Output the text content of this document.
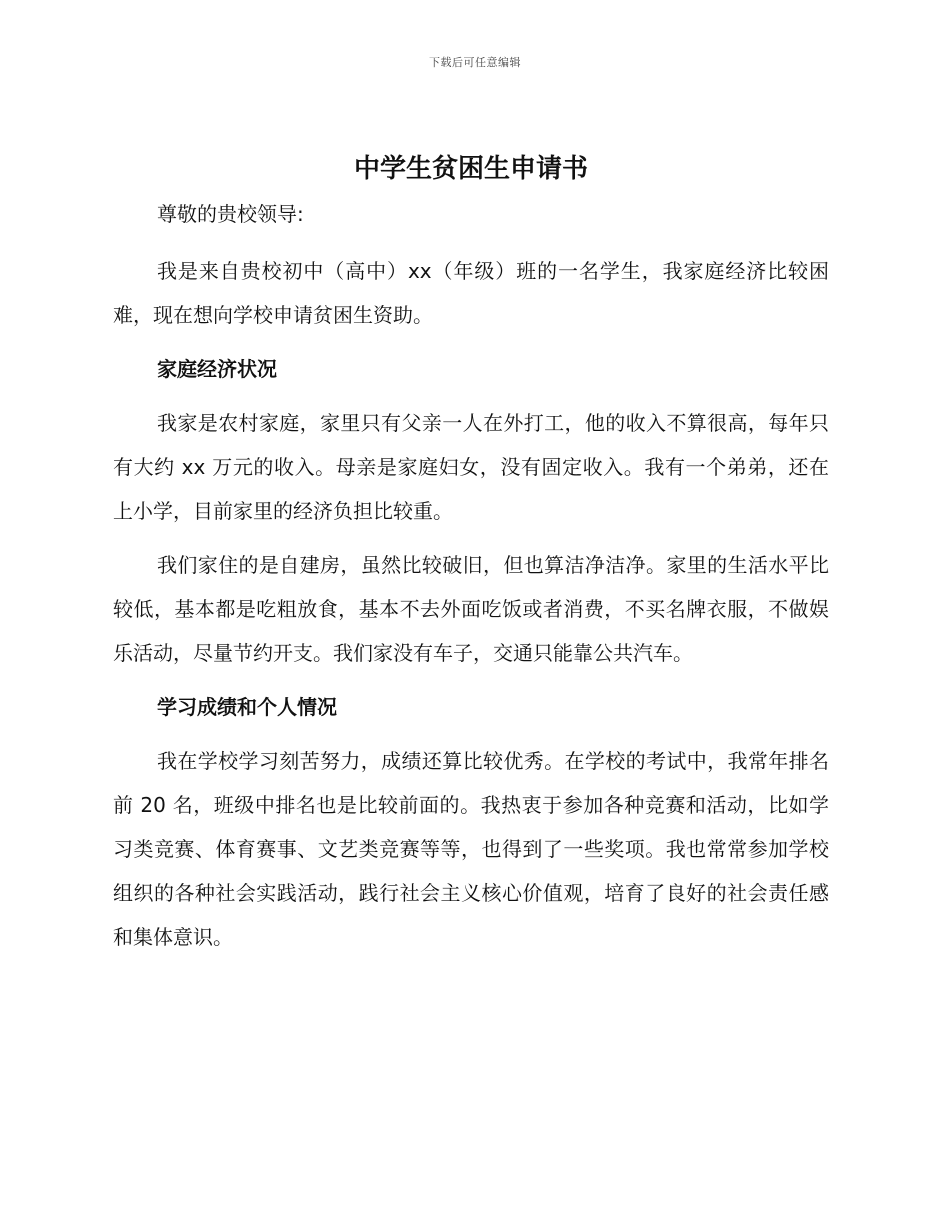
下载后可任意编辑
中学生贫困生申请书

尊敬的贵校领导:

我是来自贵校初中（高中）xx（年级）班的一名学生，我家庭经济比较困难，现在想向学校申请贫困生资助。

家庭经济状况

我家是农村家庭，家里只有父亲一人在外打工，他的收入不算很高，每年只有大约 xx 万元的收入。母亲是家庭妇女，没有固定收入。我有一个弟弟，还在上小学，目前家里的经济负担比较重。

我们家住的是自建房，虽然比较破旧，但也算洁净洁净。家里的生活水平比较低，基本都是吃粗放食，基本不去外面吃饭或者消费，不买名牌衣服，不做娱乐活动，尽量节约开支。我们家没有车子，交通只能靠公共汽车。

学习成绩和个人情况

我在学校学习刻苦努力，成绩还算比较优秀。在学校的考试中，我常年排名前 20 名，班级中排名也是比较前面的。我热衷于参加各种竞赛和活动，比如学习类竞赛、体育赛事、文艺类竞赛等等，也得到了一些奖项。我也常常参加学校组织的各种社会实践活动，践行社会主义核心价值观，培育了良好的社会责任感和集体意识。
